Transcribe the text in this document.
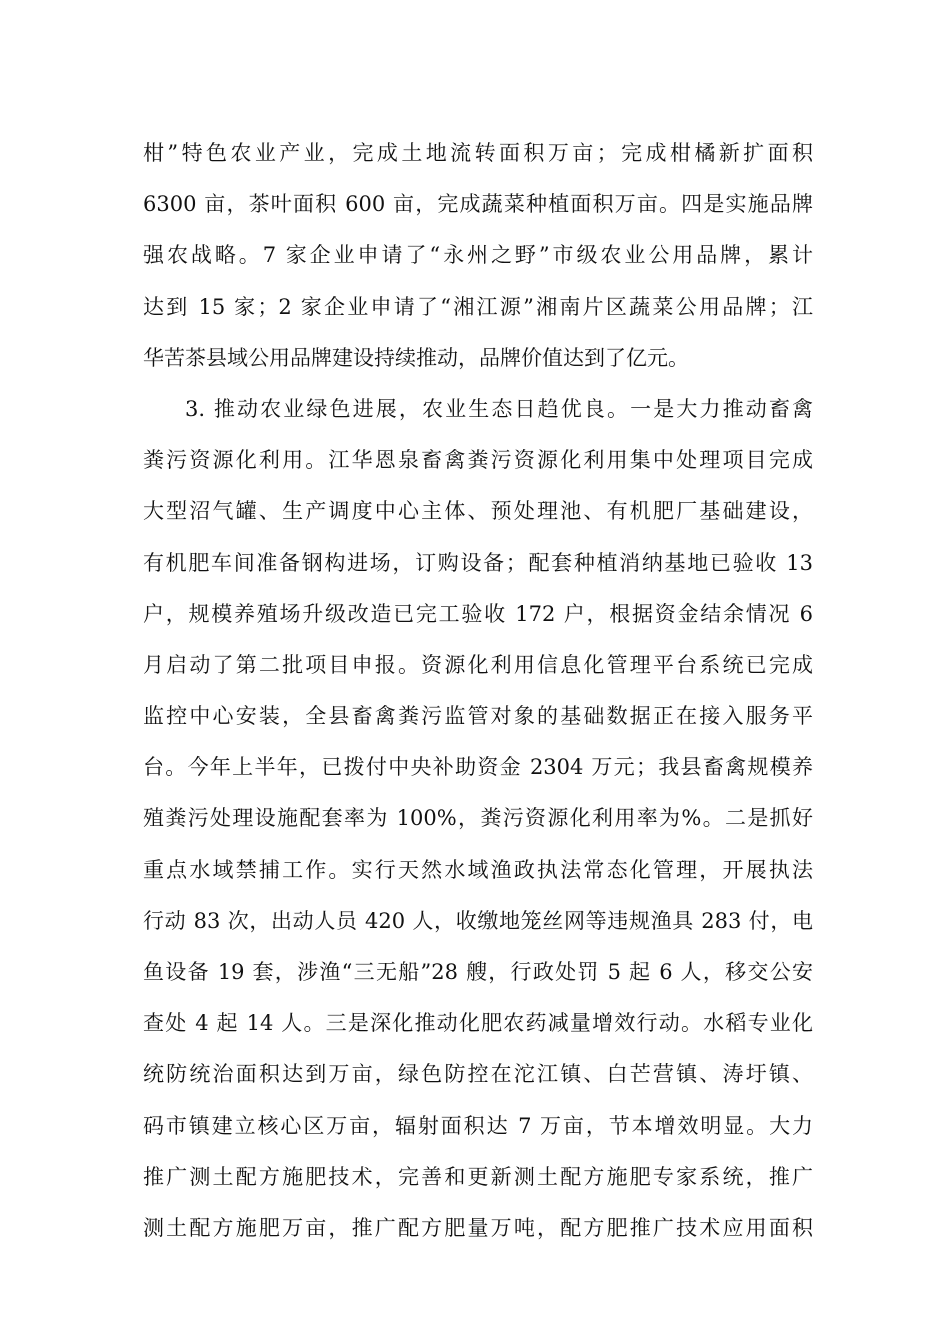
柑”特色农业产业，完成土地流转面积万亩；完成柑橘新扩面积
6300 亩，茶叶面积 600 亩，完成蔬菜种植面积万亩。四是实施品牌
强农战略。7 家企业申请了“永州之野”市级农业公用品牌，累计
达到 15 家；2 家企业申请了“湘江源”湘南片区蔬菜公用品牌；江
华苦茶县域公用品牌建设持续推动，品牌价值达到了亿元。
3. 推动农业绿色进展，农业生态日趋优良。一是大力推动畜禽
粪污资源化利用。江华恩泉畜禽粪污资源化利用集中处理项目完成
大型沼气罐、生产调度中心主体、预处理池、有机肥厂基础建设，
有机肥车间准备钢构进场，订购设备；配套种植消纳基地已验收 13
户，规模养殖场升级改造已完工验收 172 户，根据资金结余情况 6
月启动了第二批项目申报。资源化利用信息化管理平台系统已完成
监控中心安装，全县畜禽粪污监管对象的基础数据正在接入服务平
台。今年上半年，已拨付中央补助资金 2304 万元；我县畜禽规模养
殖粪污处理设施配套率为 100%，粪污资源化利用率为%。二是抓好
重点水域禁捕工作。实行天然水域渔政执法常态化管理，开展执法
行动 83 次，出动人员 420 人，收缴地笼丝网等违规渔具 283 付，电
鱼设备 19 套，涉渔“三无船”28 艘，行政处罚 5 起 6 人，移交公安
查处 4 起 14 人。三是深化推动化肥农药减量增效行动。水稻专业化
统防统治面积达到万亩，绿色防控在沱江镇、白芒营镇、涛圩镇、
码市镇建立核心区万亩，辐射面积达 7 万亩，节本增效明显。大力
推广测土配方施肥技术，完善和更新测土配方施肥专家系统，推广
测土配方施肥万亩，推广配方肥量万吨，配方肥推广技术应用面积
